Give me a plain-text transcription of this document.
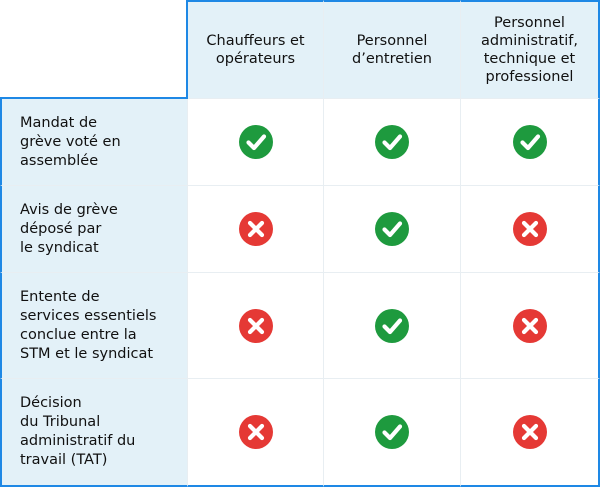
Chauffeurs et
opérateurs
Personnel
d’entretien
Personnel
administratif,
technique et
professionel
Mandat de
grève voté en
assemblée
Avis de grève
déposé par
le syndicat
Entente de
services essentiels
conclue entre la
STM et le syndicat
Décision
du Tribunal
administratif du
travail (TAT)
